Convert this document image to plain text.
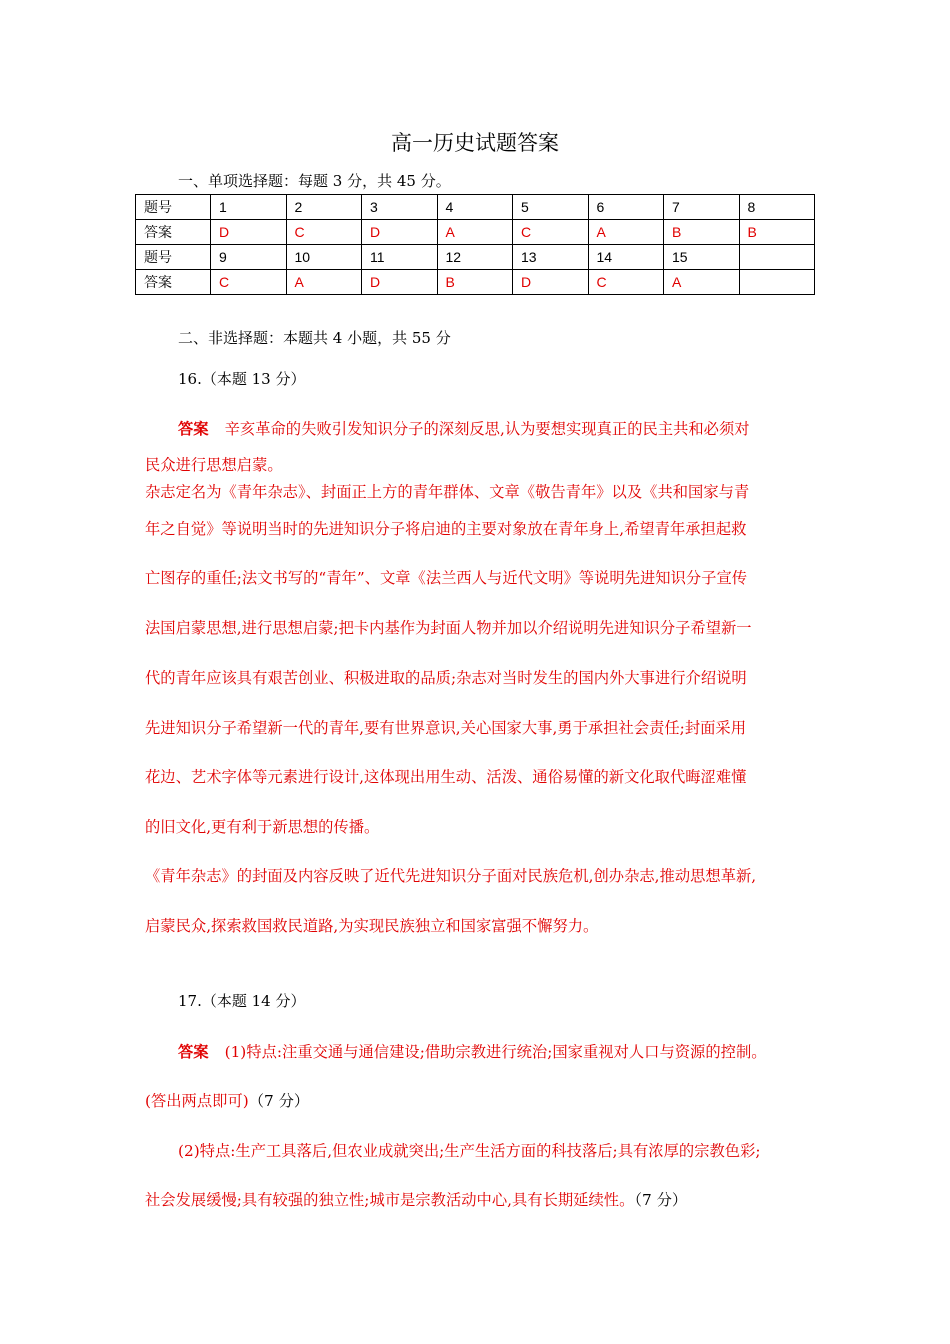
高一历史试题答案
一、单项选择题：每题 3 分，共 45 分。
题号	1	2	3	4	5	6	7	8
答案	D	C	D	A	C	A	B	B
题号	9	10	11	12	13	14	15	
答案	C	A	D	B	D	C	A	
二、非选择题：本题共 4 小题，共 55 分
16.（本题 13 分）
答案 辛亥革命的失败引发知识分子的深刻反思,认为要想实现真正的民主共和必须对
民众进行思想启蒙。
杂志定名为《青年杂志》、封面正上方的青年群体、文章《敬告青年》以及《共和国家与青
年之自觉》等说明当时的先进知识分子将启迪的主要对象放在青年身上,希望青年承担起救
亡图存的重任;法文书写的“青年”、文章《法兰西人与近代文明》等说明先进知识分子宣传
法国启蒙思想,进行思想启蒙;把卡内基作为封面人物并加以介绍说明先进知识分子希望新一
代的青年应该具有艰苦创业、积极进取的品质;杂志对当时发生的国内外大事进行介绍说明
先进知识分子希望新一代的青年,要有世界意识,关心国家大事,勇于承担社会责任;封面采用
花边、艺术字体等元素进行设计,这体现出用生动、活泼、通俗易懂的新文化取代晦涩难懂
的旧文化,更有利于新思想的传播。
《青年杂志》的封面及内容反映了近代先进知识分子面对民族危机,创办杂志,推动思想革新,
启蒙民众,探索救国救民道路,为实现民族独立和国家富强不懈努力。
17.（本题 14 分）
答案 (1)特点:注重交通与通信建设;借助宗教进行统治;国家重视对人口与资源的控制。
(答出两点即可)（7 分）
(2)特点:生产工具落后,但农业成就突出;生产生活方面的科技落后;具有浓厚的宗教色彩;
社会发展缓慢;具有较强的独立性;城市是宗教活动中心,具有长期延续性。（7 分）
